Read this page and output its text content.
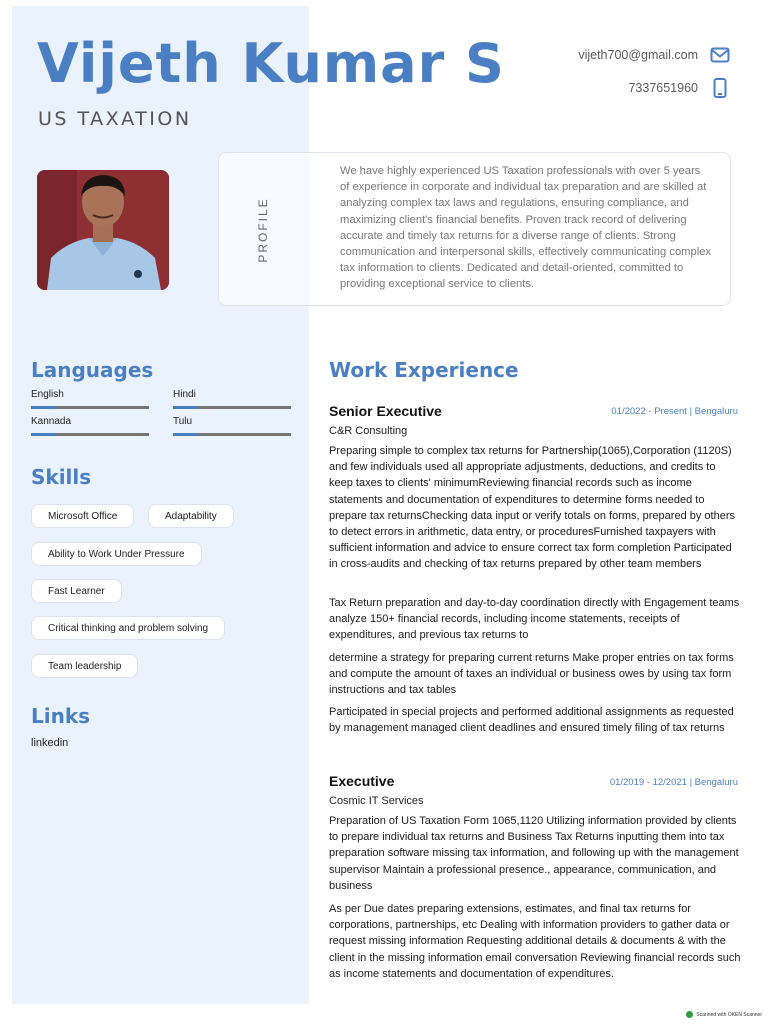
Vijeth Kumar S
US TAXATION
vijeth700@gmail.com
7337651960
PROFILE
We have highly experienced US Taxation professionals with over 5 years of experience in corporate and individual tax preparation and are skilled at analyzing complex tax laws and regulations, ensuring compliance, and maximizing client's financial benefits. Proven track record of delivering accurate and timely tax returns for a diverse range of clients. Strong communication and interpersonal skills, effectively communicating complex tax information to clients. Dedicated and detail-oriented, committed to providing exceptional service to clients.
Languages
English	Hindi
Kannada	Tulu
Skills
Microsoft Office	Adaptability
Ability to Work Under Pressure
Fast Learner
Critical thinking and problem solving
Team leadership
Links
linkedin
Work Experience
Senior Executive	01/2022 - Present | Bengaluru
C&R Consulting
Preparing simple to complex tax returns for Partnership(1065),Corporation (1120S) and few individuals used all appropriate adjustments, deductions, and credits to keep taxes to clients' minimumReviewing financial records such as income statements and documentation of expenditures to determine forms needed to prepare tax returnsChecking data input or verify totals on forms, prepared by others to detect errors in arithmetic, data entry, or proceduresFurnished taxpayers with sufficient information and advice to ensure correct tax form completion Participated in cross-audits and checking of tax returns prepared by other team members
Tax Return preparation and day-to-day coordination directly with Engagement teams analyze 150+ financial records, including income statements, receipts of expenditures, and previous tax returns to
determine a strategy for preparing current returns Make proper entries on tax forms and compute the amount of taxes an individual or business owes by using tax form instructions and tax tables
Participated in special projects and performed additional assignments as requested by management managed client deadlines and ensured timely filing of tax returns
Executive	01/2019 - 12/2021 | Bengaluru
Cosmic IT Services
Preparation of US Taxation Form 1065,1120 Utilizing information provided by clients to prepare individual tax returns and Business Tax Returns inputting them into tax preparation software missing tax information, and following up with the management supervisor Maintain a professional presence., appearance, communication, and business
As per Due dates preparing extensions, estimates, and final tax returns for corporations, partnerships, etc Dealing with information providers to gather data or request missing information Requesting additional details & documents & with the client in the missing information email conversation Reviewing financial records such as income statements and documentation of expenditures.
Scanned with OKEN Scanner
